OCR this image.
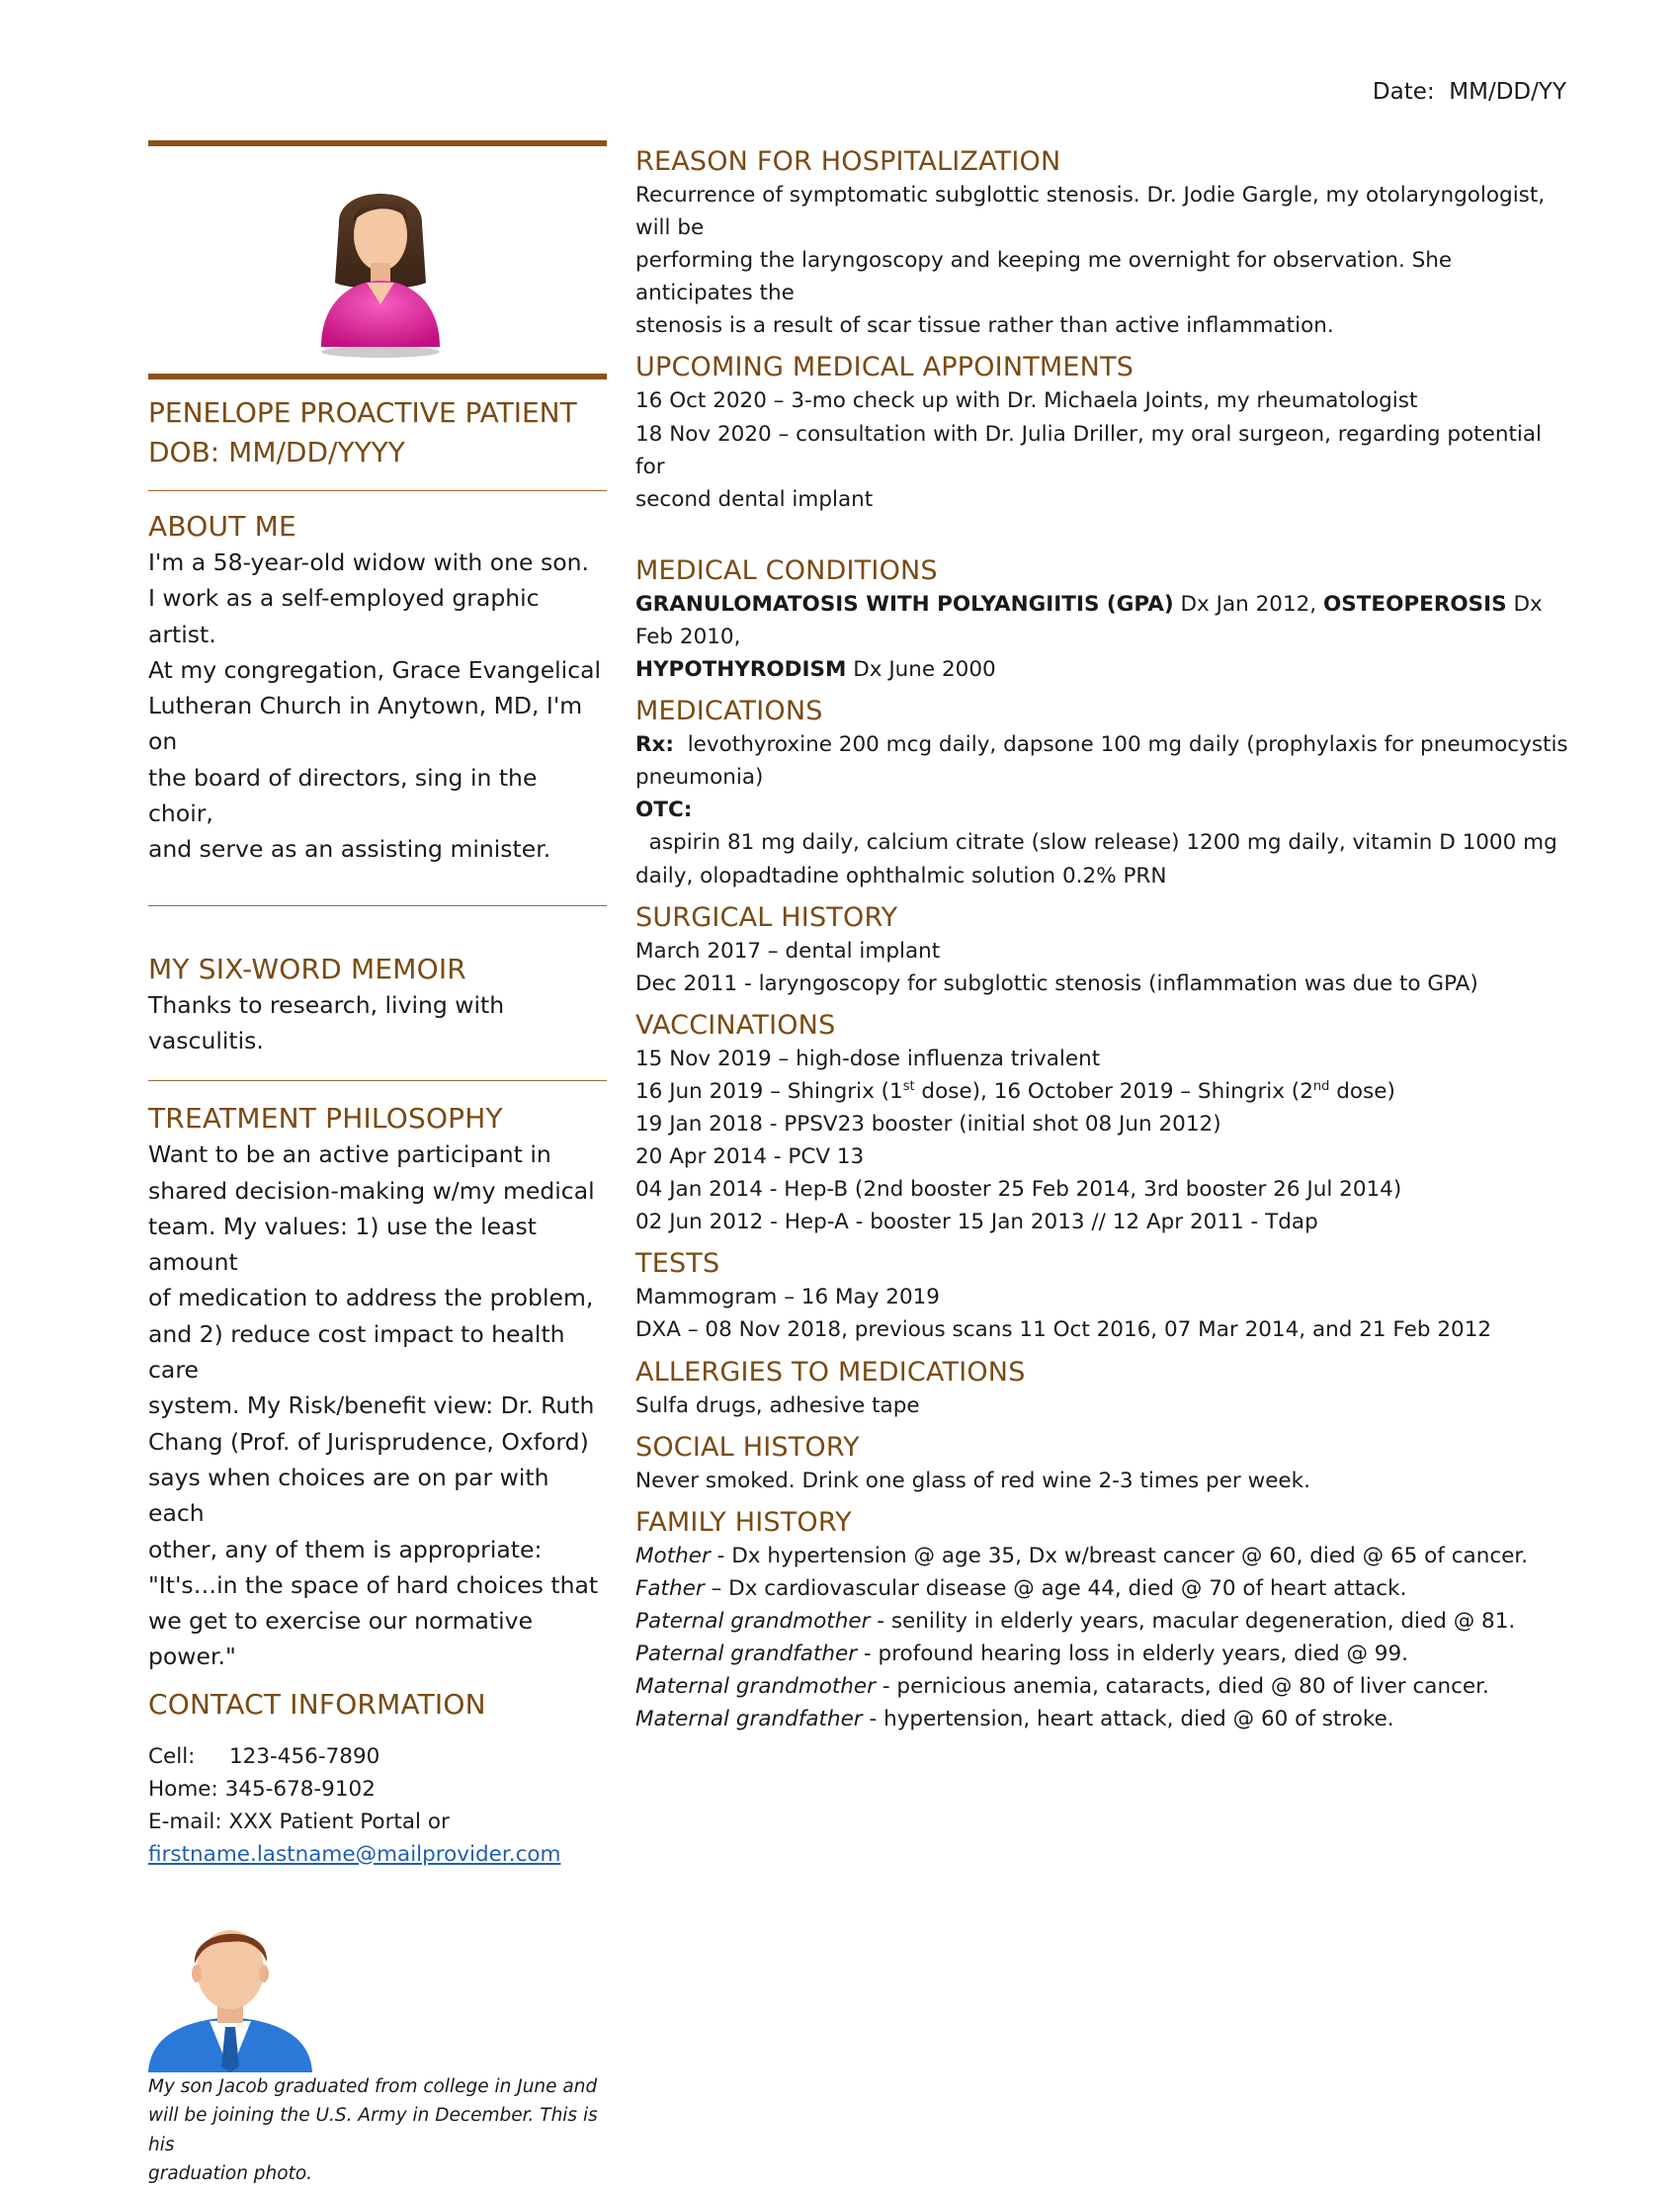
Date: MM/DD/YY
PENELOPE PROACTIVE PATIENT
DOB: MM/DD/YYYY
ABOUT ME
I'm a 58-year-old widow with one son.
I work as a self-employed graphic artist.
At my congregation, Grace Evangelical
Lutheran Church in Anytown, MD, I'm on
the board of directors, sing in the choir,
and serve as an assisting minister.
MY SIX-WORD MEMOIR
Thanks to research, living with vasculitis.
TREATMENT PHILOSOPHY
Want to be an active participant in
shared decision-making w/my medical
team. My values: 1) use the least amount
of medication to address the problem,
and 2) reduce cost impact to health care
system. My Risk/benefit view: Dr. Ruth
Chang (Prof. of Jurisprudence, Oxford)
says when choices are on par with each
other, any of them is appropriate:
"It's…in the space of hard choices that
we get to exercise our normative
power."
CONTACT INFORMATION
Cell: 123-456-7890
Home: 345-678-9102
E-mail: XXX Patient Portal or
firstname.lastname@mailprovider.com
My son Jacob graduated from college in June and
will be joining the U.S. Army in December. This is his
graduation photo.
REASON FOR HOSPITALIZATION
Recurrence of symptomatic subglottic stenosis. Dr. Jodie Gargle, my otolaryngologist, will be
performing the laryngoscopy and keeping me overnight for observation. She anticipates the
stenosis is a result of scar tissue rather than active inflammation.
UPCOMING MEDICAL APPOINTMENTS
16 Oct 2020 – 3-mo check up with Dr. Michaela Joints, my rheumatologist
18 Nov 2020 – consultation with Dr. Julia Driller, my oral surgeon, regarding potential for
second dental implant
MEDICAL CONDITIONS
GRANULOMATOSIS WITH POLYANGIITIS (GPA) Dx Jan 2012, OSTEOPEROSIS Dx Feb 2010,
HYPOTHYRODISM Dx June 2000
MEDICATIONS
Rx:  levothyroxine 200 mcg daily, dapsone 100 mg daily (prophylaxis for pneumocystis
pneumonia)
OTC:  aspirin 81 mg daily, calcium citrate (slow release) 1200 mg daily, vitamin D 1000 mg
daily, olopadtadine ophthalmic solution 0.2% PRN
SURGICAL HISTORY
March 2017 – dental implant
Dec 2011 - laryngoscopy for subglottic stenosis (inflammation was due to GPA)
VACCINATIONS
15 Nov 2019 – high-dose influenza trivalent
16 Jun 2019 – Shingrix (1st dose), 16 October 2019 – Shingrix (2nd dose)
19 Jan 2018 - PPSV23 booster (initial shot 08 Jun 2012)
20 Apr 2014 - PCV 13
04 Jan 2014 - Hep-B (2nd booster 25 Feb 2014, 3rd booster 26 Jul 2014)
02 Jun 2012 - Hep-A - booster 15 Jan 2013 // 12 Apr 2011 - Tdap
TESTS
Mammogram – 16 May 2019
DXA – 08 Nov 2018, previous scans 11 Oct 2016, 07 Mar 2014, and 21 Feb 2012
ALLERGIES TO MEDICATIONS
Sulfa drugs, adhesive tape
SOCIAL HISTORY
Never smoked. Drink one glass of red wine 2-3 times per week.
FAMILY HISTORY
Mother - Dx hypertension @ age 35, Dx w/breast cancer @ 60, died @ 65 of cancer.
Father – Dx cardiovascular disease @ age 44, died @ 70 of heart attack.
Paternal grandmother - senility in elderly years, macular degeneration, died @ 81.
Paternal grandfather - profound hearing loss in elderly years, died @ 99.
Maternal grandmother - pernicious anemia, cataracts, died @ 80 of liver cancer.
Maternal grandfather - hypertension, heart attack, died @ 60 of stroke.
